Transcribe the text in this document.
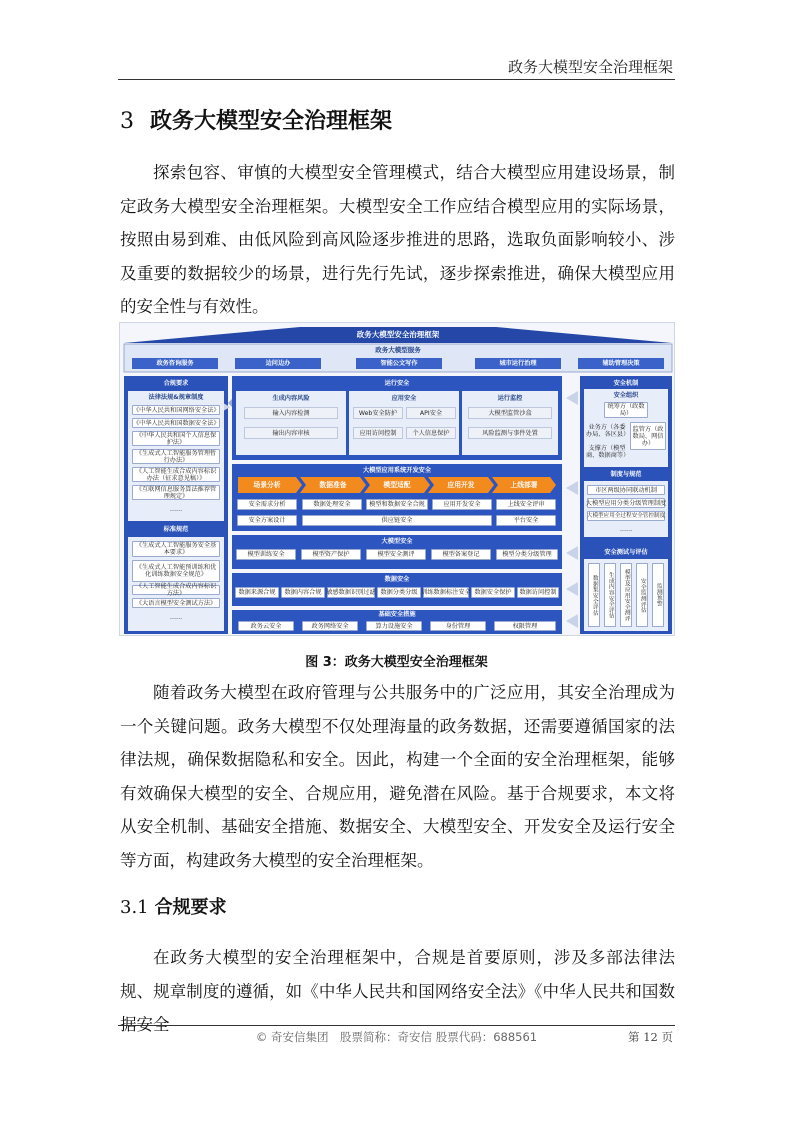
政务大模型安全治理框架
3 政务大模型安全治理框架
探索包容、审慎的大模型安全管理模式，结合大模型应用建设场景，制定政务大模型安全治理框架。大模型安全工作应结合模型应用的实际场景，按照由易到难、由低风险到高风险逐步推进的思路，选取负面影响较小、涉及重要的数据较少的场景，进行先行先试，逐步探索推进，确保大模型应用的安全性与有效性。
政务大模型安全治理框架
政务大模型服务
政务咨询服务	边问边办	智能公文写作	城市运行治理	辅助管理决策
合规要求
法律法规&规章制度
《中华人民共和国网络安全法》
《中华人民共和国数据安全法》
《中华人民共和国个人信息保护法》
《生成式人工智能服务管理暂行办法》
《人工智能生成合成内容标识办法（征求意见稿）》
《互联网信息服务算法推荐管理规定》
……
标准规范
《生成式人工智能服务安全基本要求》
《生成式人工智能预训练和优化训练数据安全规范》
《人工智能生成合成内容标识方法》
《大语言模型安全测试方法》
……
运行安全
生成内容风险
输入内容检测
输出内容审核
应用安全
Web安全防护	API安全
应用访问控制	个人信息保护
运行监控
大模型监管沙盒
风险监测与事件处置
大模型应用系统开发安全
场景分析	数据准备	模型适配	应用开发	上线部署
安全需求分析	数据处理安全	模型和数据安全合规	应用开发安全	上线安全评审
安全方案设计	供应链安全	平台安全
大模型安全
模型训练安全	模型资产保护	模型安全测评	模型备案登记	模型分类分级管理
数据安全
数据来源合规	数据内容合规 敏感数据识别过滤 数据分类分级 训练数据标注安全 数据安全保护	数据访问控制
基础安全措施
政务云安全	政务网络安全	算力设施安全	身份管理	权限管理
安全机制
安全组织
统筹方（政数局）
业务方（各委办局、各区县）
监管方（政数局、网信办）
支撑方（模型商、数据商等）
制度与规范
市区两级协同联动机制
大模型应用分类分级管理制度
大模型应用全过程安全管控制度
……
安全测试与评估
数据集安全评估	生成内容安全评估	模型及应用安全测评	安全监测评估	监测预警
图 3：政务大模型安全治理框架
随着政务大模型在政府管理与公共服务中的广泛应用，其安全治理成为一个关键问题。政务大模型不仅处理海量的政务数据，还需要遵循国家的法律法规，确保数据隐私和安全。因此，构建一个全面的安全治理框架，能够有效确保大模型的安全、合规应用，避免潜在风险。基于合规要求，本文将从安全机制、基础安全措施、数据安全、大模型安全、开发安全及运行安全等方面，构建政务大模型的安全治理框架。
3.1 合规要求
在政务大模型的安全治理框架中，合规是首要原则，涉及多部法律法规、规章制度的遵循，如《中华人民共和国网络安全法》《中华人民共和国数据安全
© 奇安信集团　股票简称：奇安信 股票代码：688561	第 12 页
